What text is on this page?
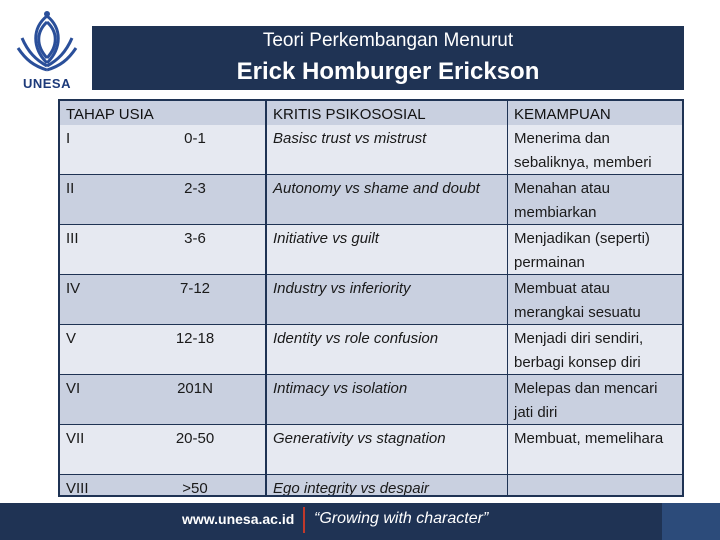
UNESA
Teori Perkembangan Menurut
Erick Homburger Erickson
TAHAP USIA	KRITIS PSIKOSOSIAL	KEMAMPUAN
I	0-1	Basisc trust vs mistrust	Menerima dan sebaliknya, memberi
II	2-3	Autonomy vs shame and doubt	Menahan atau membiarkan
III	3-6	Initiative vs guilt	Menjadikan (seperti) permainan
IV	7-12	Industry vs inferiority	Membuat atau merangkai sesuatu
V	12-18	Identity vs role confusion	Menjadi diri sendiri, berbagi konsep diri
VI	201N	Intimacy vs isolation	Melepas dan mencari jati diri
VII	20-50	Generativity vs stagnation	Membuat, memelihara
VIII	>50	Ego integrity vs despair
www.unesa.ac.id “Growing with character”
